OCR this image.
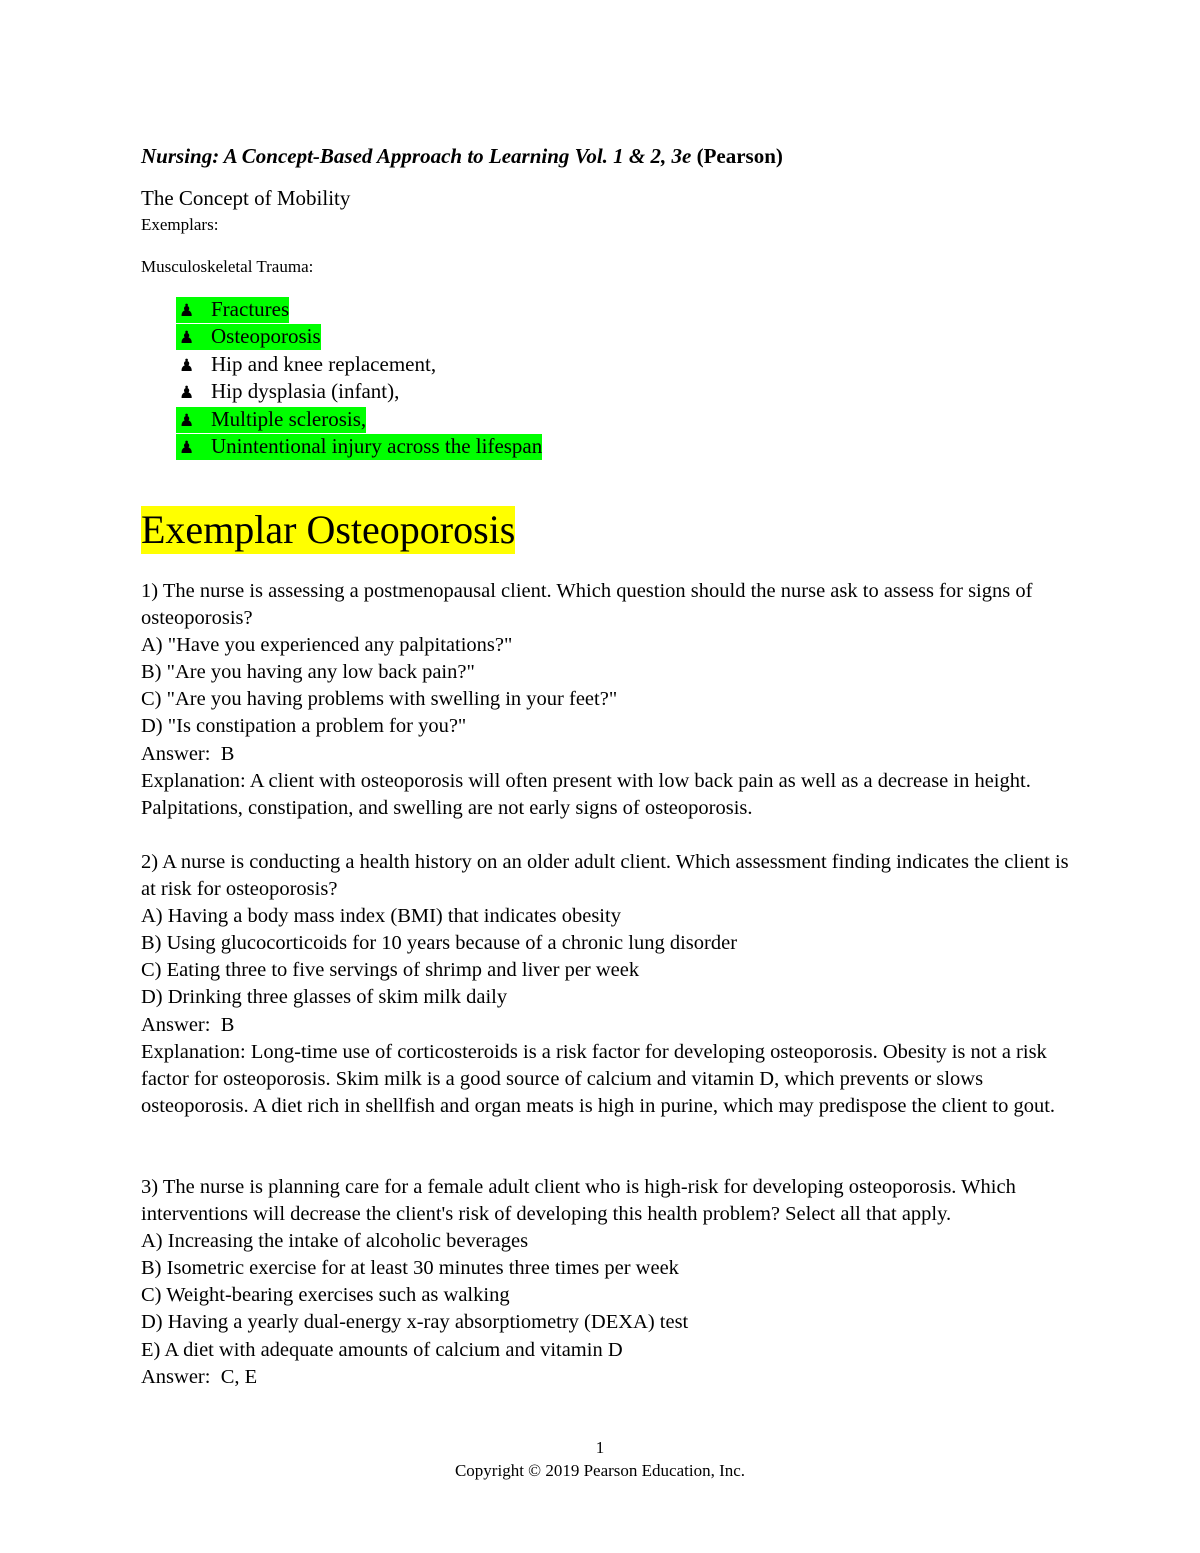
Nursing: A Concept-Based Approach to Learning Vol. 1 & 2, 3e (Pearson)
The Concept of Mobility
Exemplars:
Musculoskeletal Trauma:
♟ Fractures
♟ Osteoporosis
♟ Hip and knee replacement,
♟ Hip dysplasia (infant),
♟ Multiple sclerosis,
♟ Unintentional injury across the lifespan
Exemplar Osteoporosis

1) The nurse is assessing a postmenopausal client. Which question should the nurse ask to assess for signs of osteoporosis?

A) "Have you experienced any palpitations?"

B) "Are you having any low back pain?"

C) "Are you having problems with swelling in your feet?"

D) "Is constipation a problem for you?"

Answer:  B

Explanation: A client with osteoporosis will often present with low back pain as well as a decrease in height. Palpitations, constipation, and swelling are not early signs of osteoporosis.

2) A nurse is conducting a health history on an older adult client. Which assessment finding indicates the client is at risk for osteoporosis?

A) Having a body mass index (BMI) that indicates obesity

B) Using glucocorticoids for 10 years because of a chronic lung disorder

C) Eating three to five servings of shrimp and liver per week

D) Drinking three glasses of skim milk daily

Answer:  B

Explanation: Long-time use of corticosteroids is a risk factor for developing osteoporosis. Obesity is not a risk factor for osteoporosis. Skim milk is a good source of calcium and vitamin D, which prevents or slows osteoporosis. A diet rich in shellfish and organ meats is high in purine, which may predispose the client to gout.

3) The nurse is planning care for a female adult client who is high-risk for developing osteoporosis. Which interventions will decrease the client's risk of developing this health problem? Select all that apply.

A) Increasing the intake of alcoholic beverages

B) Isometric exercise for at least 30 minutes three times per week

C) Weight-bearing exercises such as walking

D) Having a yearly dual-energy x-ray absorptiometry (DEXA) test

E) A diet with adequate amounts of calcium and vitamin D

Answer:  C, E

1
Copyright © 2019 Pearson Education, Inc.
